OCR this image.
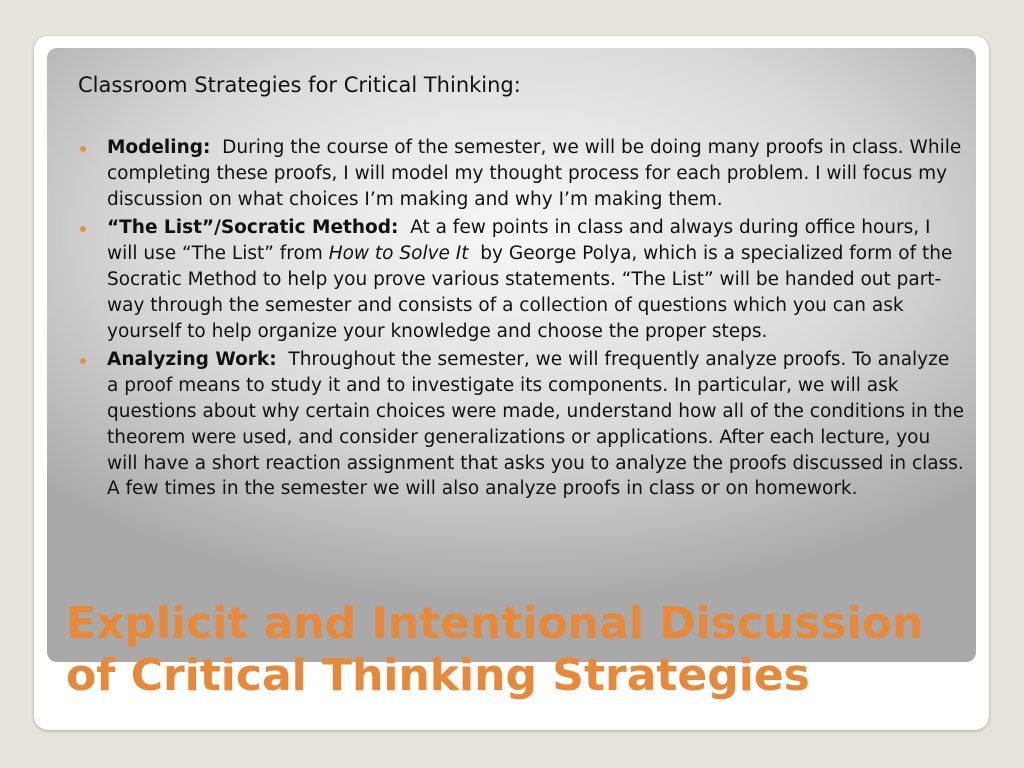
Classroom Strategies for Critical Thinking:

Modeling: During the course of the semester, we will be doing many proofs in class. While completing these proofs, I will model my thought process for each problem. I will focus my discussion on what choices I’m making and why I’m making them.
“The List”/Socratic Method: At a few points in class and always during office hours, I will use “The List” from How to Solve It by George Polya, which is a specialized form of the Socratic Method to help you prove various statements. “The List” will be handed out part-way through the semester and consists of a collection of questions which you can ask yourself to help organize your knowledge and choose the proper steps.
Analyzing Work: Throughout the semester, we will frequently analyze proofs. To analyze a proof means to study it and to investigate its components. In particular, we will ask questions about why certain choices were made, understand how all of the conditions in the theorem were used, and consider generalizations or applications. After each lecture, you will have a short reaction assignment that asks you to analyze the proofs discussed in class. A few times in the semester we will also analyze proofs in class or on homework.
Explicit and Intentional Discussion
of Critical Thinking Strategies
